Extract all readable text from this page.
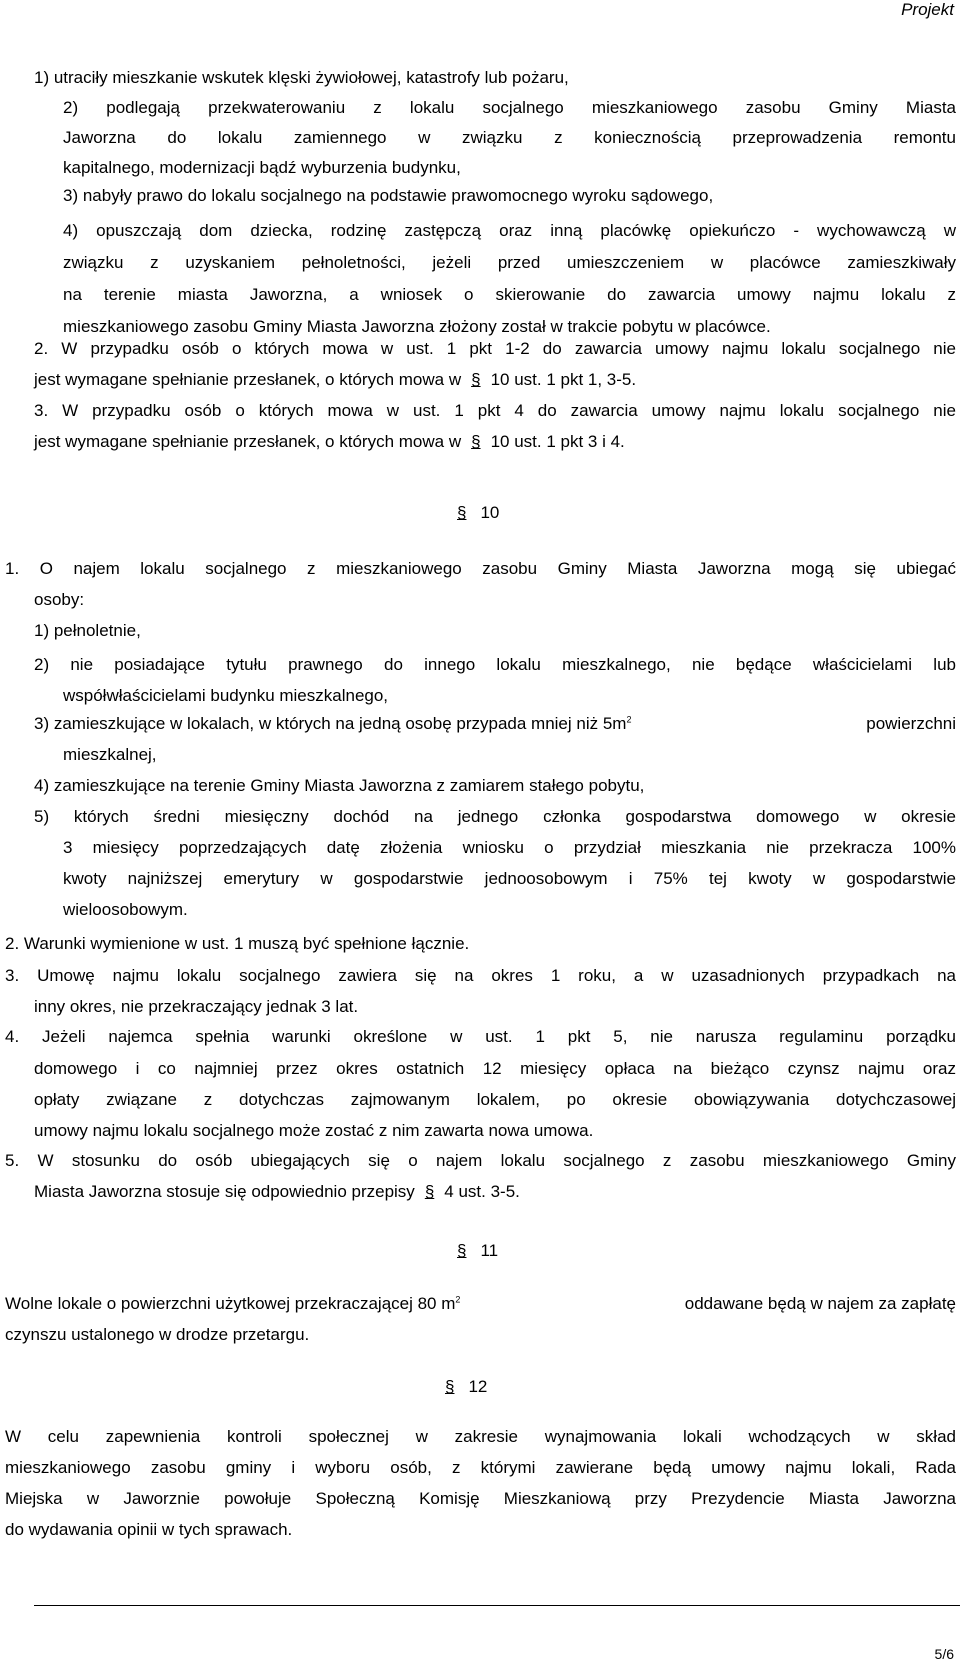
Projekt
1) utraciły mieszkanie wskutek klęski żywiołowej, katastrofy lub pożaru,
2) podlegają przekwaterowaniu z lokalu socjalnego mieszkaniowego zasobu Gminy Miasta
Jaworzna do lokalu zamiennego w związku z koniecznością przeprowadzenia remontu
kapitalnego, modernizacji bądź wyburzenia budynku,
3) nabyły prawo do lokalu socjalnego na podstawie prawomocnego wyroku sądowego,
4) opuszczają dom dziecka, rodzinę zastępczą oraz inną placówkę opiekuńczo - wychowawczą w
związku z uzyskaniem pełnoletności, jeżeli przed umieszczeniem w placówce zamieszkiwały
na terenie miasta Jaworzna, a wniosek o skierowanie do zawarcia umowy najmu lokalu z
mieszkaniowego zasobu Gminy Miasta Jaworzna złożony został w trakcie pobytu w placówce.
2. W przypadku osób o których mowa w ust. 1 pkt 1-2 do zawarcia umowy najmu lokalu socjalnego nie
jest wymagane spełnianie przesłanek, o których mowa w § 10 ust. 1 pkt 1, 3-5.
3. W przypadku osób o których mowa w ust. 1 pkt 4 do zawarcia umowy najmu lokalu socjalnego nie
jest wymagane spełnianie przesłanek, o których mowa w § 10 ust. 1 pkt 3 i 4.
§ 10
1. O najem lokalu socjalnego z mieszkaniowego zasobu Gminy Miasta Jaworzna mogą się ubiegać
osoby:
1) pełnoletnie,
2) nie posiadające tytułu prawnego do innego lokalu mieszkalnego, nie będące właścicielami lub
współwłaścicielami budynku mieszkalnego,
3) zamieszkujące w lokalach, w których na jedną osobę przypada mniej niż $5m^2$	powierzchni
mieszkalnej,
4) zamieszkujące na terenie Gminy Miasta Jaworzna z zamiarem stałego pobytu,
5) których średni miesięczny dochód na jednego członka gospodarstwa domowego w okresie
3 miesięcy poprzedzających datę złożenia wniosku o przydział mieszkania nie przekracza 100%
kwoty najniższej emerytury w gospodarstwie jednoosobowym i 75% tej kwoty w gospodarstwie
wieloosobowym.
2. Warunki wymienione w ust. 1 muszą być spełnione łącznie.
3. Umowę najmu lokalu socjalnego zawiera się na okres 1 roku, a w uzasadnionych przypadkach na
inny okres, nie przekraczający jednak 3 lat.
4. Jeżeli najemca spełnia warunki określone w ust. 1 pkt 5, nie narusza regulaminu porządku
domowego i co najmniej przez okres ostatnich 12 miesięcy opłaca na bieżąco czynsz najmu oraz
opłaty związane z dotychczas zajmowanym lokalem, po okresie obowiązywania dotychczasowej
umowy najmu lokalu socjalnego może zostać z nim zawarta nowa umowa.
5. W stosunku do osób ubiegających się o najem lokalu socjalnego z zasobu mieszkaniowego Gminy
Miasta Jaworzna stosuje się odpowiednio przepisy § 4 ust. 3-5.
§ 11
Wolne lokale o powierzchni użytkowej przekraczającej 80 $m^2$	oddawane będą w najem za zapłatę
czynszu ustalonego w drodze przetargu.
§ 12
W celu zapewnienia kontroli społecznej w zakresie wynajmowania lokali wchodzących w skład
mieszkaniowego zasobu gminy i wyboru osób, z którymi zawierane będą umowy najmu lokali, Rada
Miejska w Jaworznie powołuje Społeczną Komisję Mieszkaniową przy Prezydencie Miasta Jaworzna
do wydawania opinii w tych sprawach.
5/6
